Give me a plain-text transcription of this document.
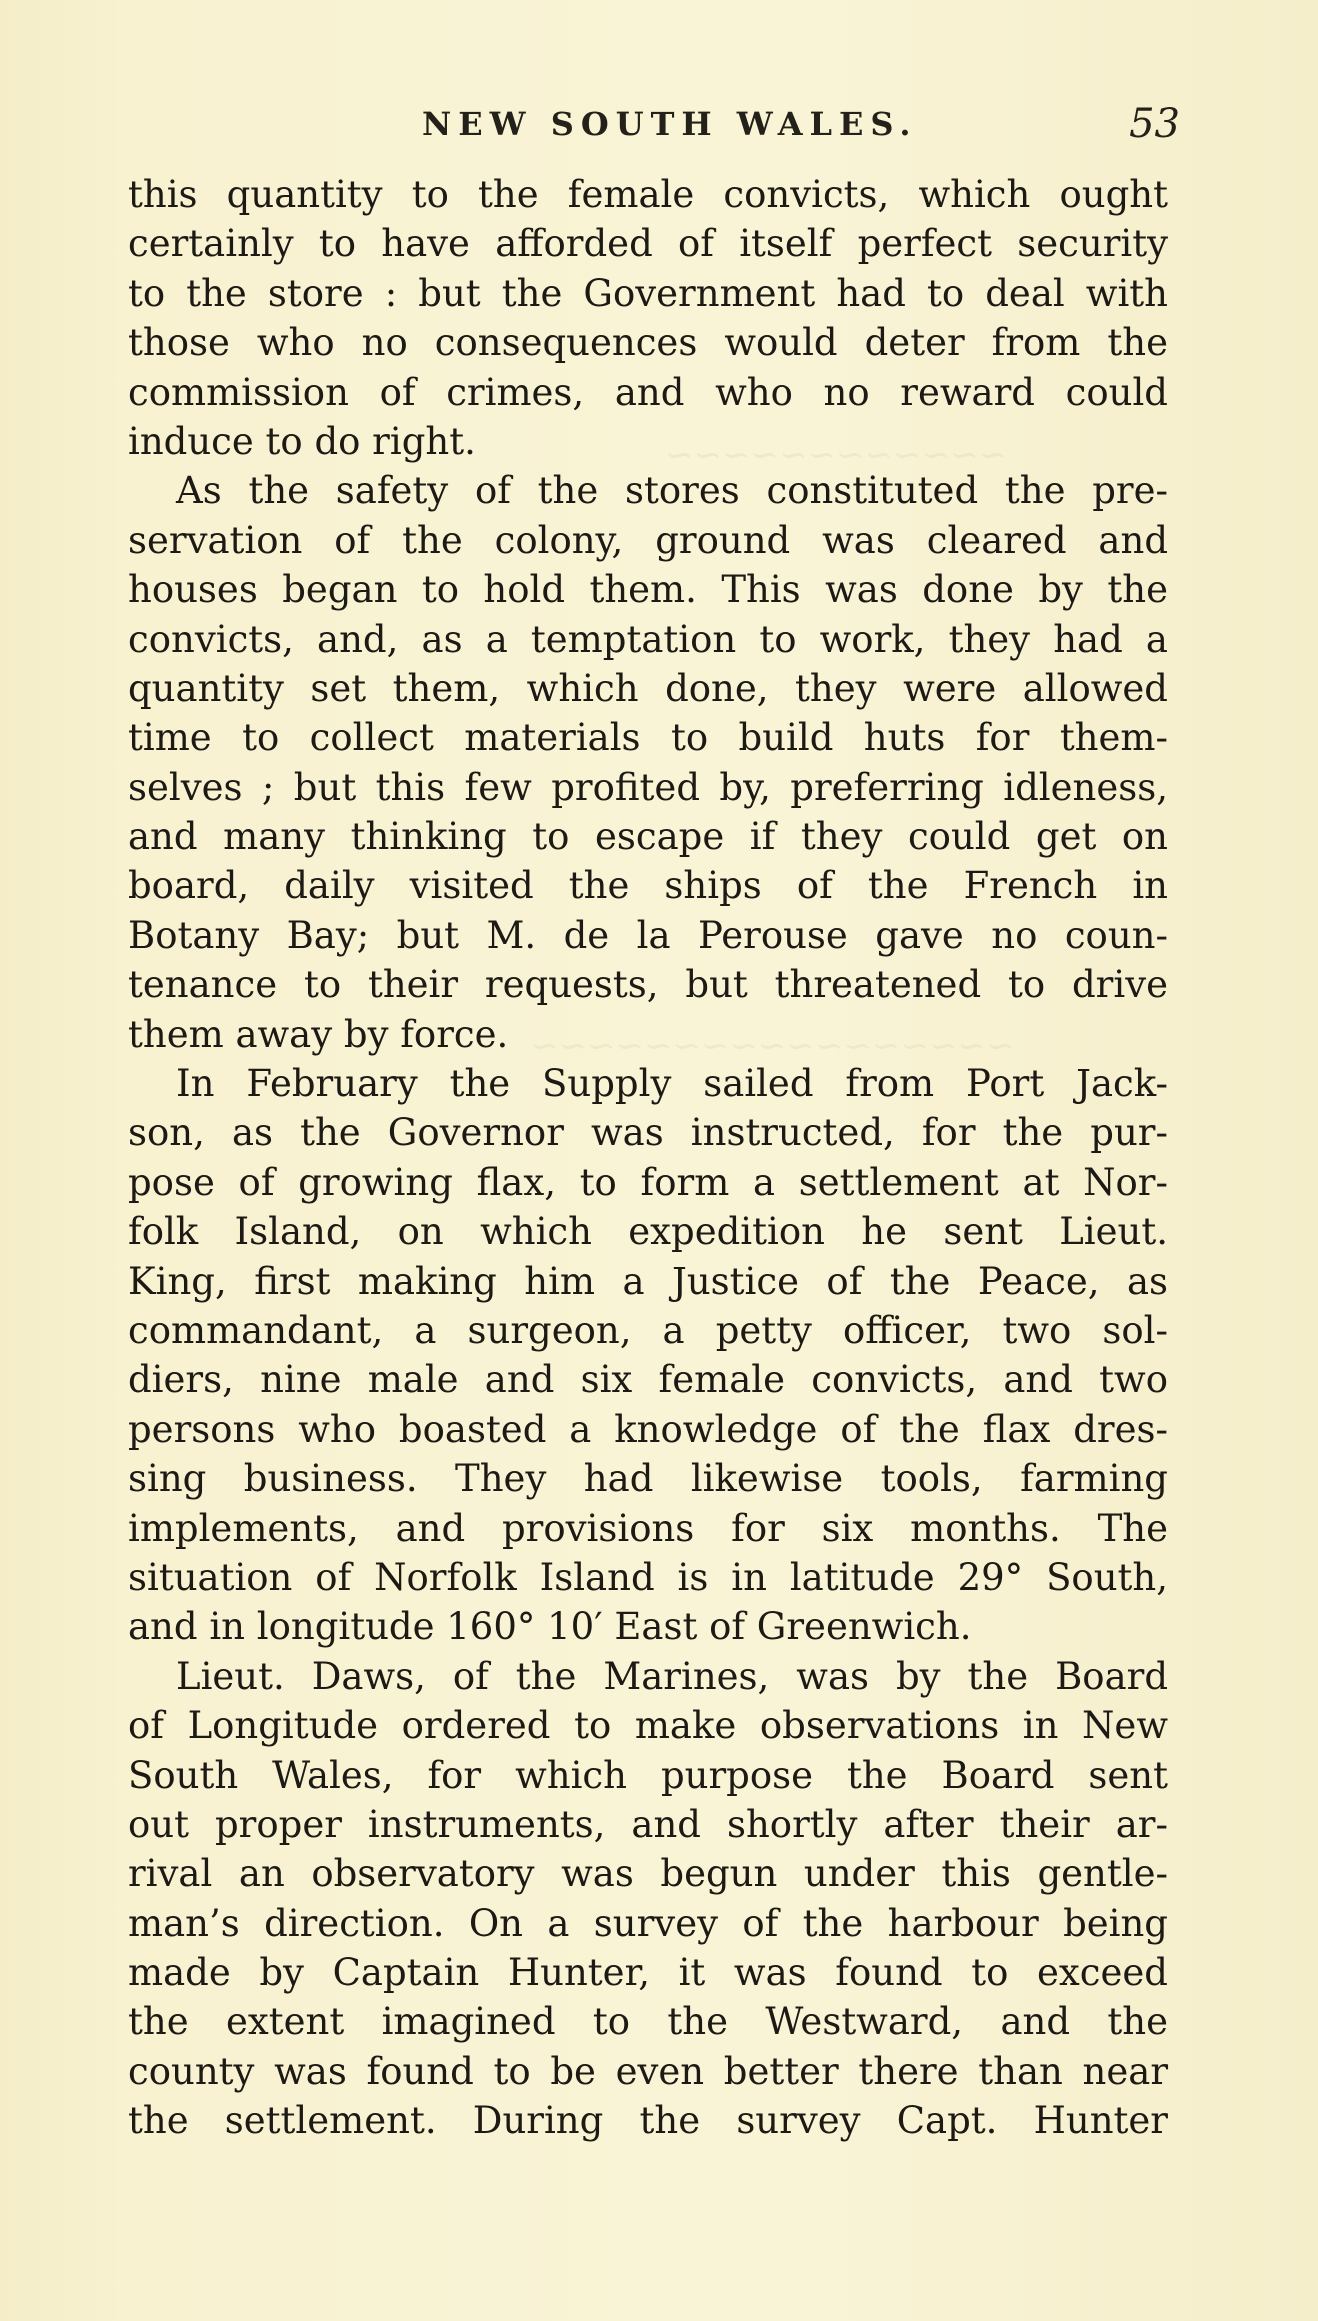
~~~~~~~~~~~~
~~~~~~~~~~~~~~~~~
NEW SOUTH WALES.	53
this quantity to the female convicts, which ought
certainly to have afforded of itself perfect security
to the store : but the Government had to deal with
those who no consequences would deter from the
commission of crimes, and who no reward could
induce to do right.
As the safety of the stores constituted the pre-
servation of the colony, ground was cleared and
houses began to hold them. This was done by the
convicts, and, as a temptation to work, they had a
quantity set them, which done, they were allowed
time to collect materials to build huts for them-
selves ; but this few profited by, preferring idleness,
and many thinking to escape if they could get on
board, daily visited the ships of the French in
Botany Bay; but M. de la Perouse gave no coun-
tenance to their requests, but threatened to drive
them away by force.
In February the Supply sailed from Port Jack-
son, as the Governor was instructed, for the pur-
pose of growing flax, to form a settlement at Nor-
folk Island, on which expedition he sent Lieut.
King, first making him a Justice of the Peace, as
commandant, a surgeon, a petty officer, two sol-
diers, nine male and six female convicts, and two
persons who boasted a knowledge of the flax dres-
sing business. They had likewise tools, farming
implements, and provisions for six months. The
situation of Norfolk Island is in latitude 29° South,
and in longitude 160° 10′ East of Greenwich.
Lieut. Daws, of the Marines, was by the Board
of Longitude ordered to make observations in New
South Wales, for which purpose the Board sent
out proper instruments, and shortly after their ar-
rival an observatory was begun under this gentle-
man’s direction. On a survey of the harbour being
made by Captain Hunter, it was found to exceed
the extent imagined to the Westward, and the
county was found to be even better there than near
the settlement. During the survey Capt. Hunter
